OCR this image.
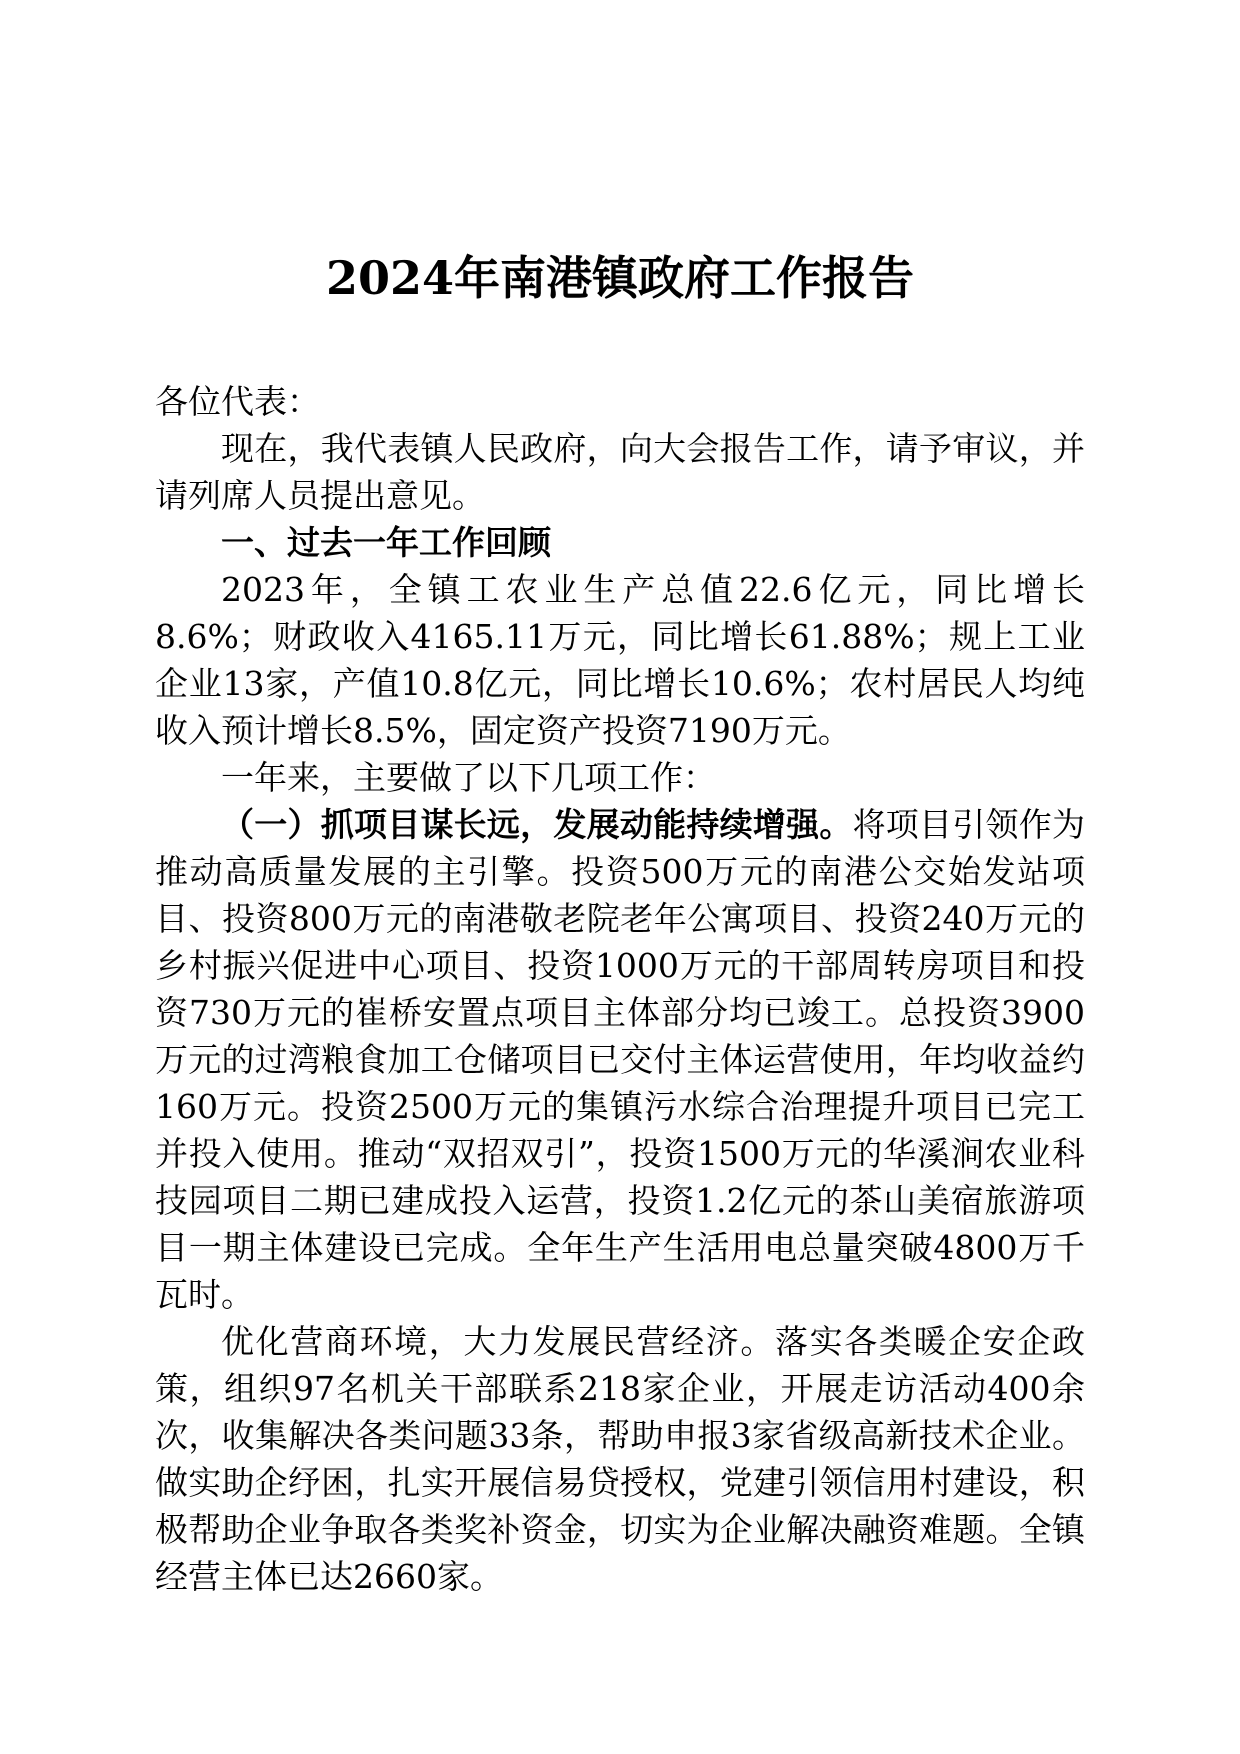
2024年南港镇政府工作报告

各位代表：

现在，我代表镇人民政府，向大会报告工作，请予审议，并请列席人员提出意见。

一、过去一年工作回顾

2023年，全镇工农业生产总值22.6亿元，同比增长8.6%；财政收入4165.11万元，同比增长61.88%；规上工业企业13家，产值10.8亿元，同比增长10.6%；农村居民人均纯收入预计增长8.5%，固定资产投资7190万元。

一年来，主要做了以下几项工作：

（一）抓项目谋长远，发展动能持续增强。将项目引领作为推动高质量发展的主引擎。投资500万元的南港公交始发站项目、投资800万元的南港敬老院老年公寓项目、投资240万元的乡村振兴促进中心项目、投资1000万元的干部周转房项目和投资730万元的崔桥安置点项目主体部分均已竣工。总投资3900万元的过湾粮食加工仓储项目已交付主体运营使用，年均收益约160万元。投资2500万元的集镇污水综合治理提升项目已完工并投入使用。推动“双招双引”，投资1500万元的华溪涧农业科技园项目二期已建成投入运营，投资1.2亿元的茶山美宿旅游项目一期主体建设已完成。全年生产生活用电总量突破4800万千瓦时。

优化营商环境，大力发展民营经济。落实各类暖企安企政策，组织97名机关干部联系218家企业，开展走访活动400余次，收集解决各类问题33条，帮助申报3家省级高新技术企业。做实助企纾困，扎实开展信易贷授权，党建引领信用村建设，积极帮助企业争取各类奖补资金，切实为企业解决融资难题。全镇经营主体已达2660家。
